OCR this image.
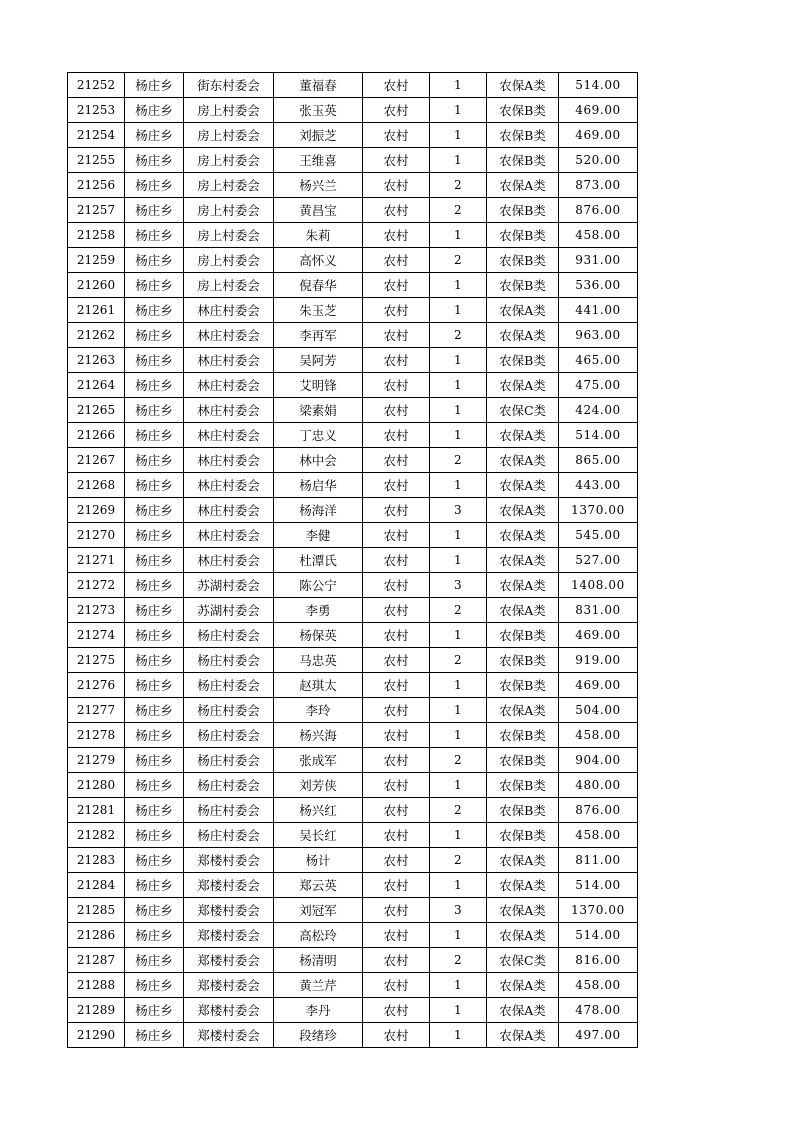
21252	杨庄乡	街东村委会	董福春	农村	1	农保A类	514.00
21253	杨庄乡	房上村委会	张玉英	农村	1	农保B类	469.00
21254	杨庄乡	房上村委会	刘振芝	农村	1	农保B类	469.00
21255	杨庄乡	房上村委会	王维喜	农村	1	农保B类	520.00
21256	杨庄乡	房上村委会	杨兴兰	农村	2	农保A类	873.00
21257	杨庄乡	房上村委会	黄昌宝	农村	2	农保B类	876.00
21258	杨庄乡	房上村委会	朱莉	农村	1	农保B类	458.00
21259	杨庄乡	房上村委会	高怀义	农村	2	农保B类	931.00
21260	杨庄乡	房上村委会	倪春华	农村	1	农保B类	536.00
21261	杨庄乡	林庄村委会	朱玉芝	农村	1	农保A类	441.00
21262	杨庄乡	林庄村委会	李再军	农村	2	农保A类	963.00
21263	杨庄乡	林庄村委会	吴阿芳	农村	1	农保B类	465.00
21264	杨庄乡	林庄村委会	艾明锋	农村	1	农保A类	475.00
21265	杨庄乡	林庄村委会	梁素娟	农村	1	农保C类	424.00
21266	杨庄乡	林庄村委会	丁忠义	农村	1	农保A类	514.00
21267	杨庄乡	林庄村委会	林中会	农村	2	农保A类	865.00
21268	杨庄乡	林庄村委会	杨启华	农村	1	农保A类	443.00
21269	杨庄乡	林庄村委会	杨海洋	农村	3	农保A类	1370.00
21270	杨庄乡	林庄村委会	李健	农村	1	农保A类	545.00
21271	杨庄乡	林庄村委会	杜潭氏	农村	1	农保A类	527.00
21272	杨庄乡	苏湖村委会	陈公宁	农村	3	农保A类	1408.00
21273	杨庄乡	苏湖村委会	李勇	农村	2	农保A类	831.00
21274	杨庄乡	杨庄村委会	杨保英	农村	1	农保B类	469.00
21275	杨庄乡	杨庄村委会	马忠英	农村	2	农保B类	919.00
21276	杨庄乡	杨庄村委会	赵琪太	农村	1	农保B类	469.00
21277	杨庄乡	杨庄村委会	李玲	农村	1	农保A类	504.00
21278	杨庄乡	杨庄村委会	杨兴海	农村	1	农保B类	458.00
21279	杨庄乡	杨庄村委会	张成军	农村	2	农保B类	904.00
21280	杨庄乡	杨庄村委会	刘芳侠	农村	1	农保B类	480.00
21281	杨庄乡	杨庄村委会	杨兴红	农村	2	农保B类	876.00
21282	杨庄乡	杨庄村委会	吴长红	农村	1	农保B类	458.00
21283	杨庄乡	郑楼村委会	杨计	农村	2	农保A类	811.00
21284	杨庄乡	郑楼村委会	郑云英	农村	1	农保A类	514.00
21285	杨庄乡	郑楼村委会	刘冠军	农村	3	农保A类	1370.00
21286	杨庄乡	郑楼村委会	高松玲	农村	1	农保A类	514.00
21287	杨庄乡	郑楼村委会	杨清明	农村	2	农保C类	816.00
21288	杨庄乡	郑楼村委会	黄兰芹	农村	1	农保A类	458.00
21289	杨庄乡	郑楼村委会	李丹	农村	1	农保A类	478.00
21290	杨庄乡	郑楼村委会	段绪珍	农村	1	农保A类	497.00
